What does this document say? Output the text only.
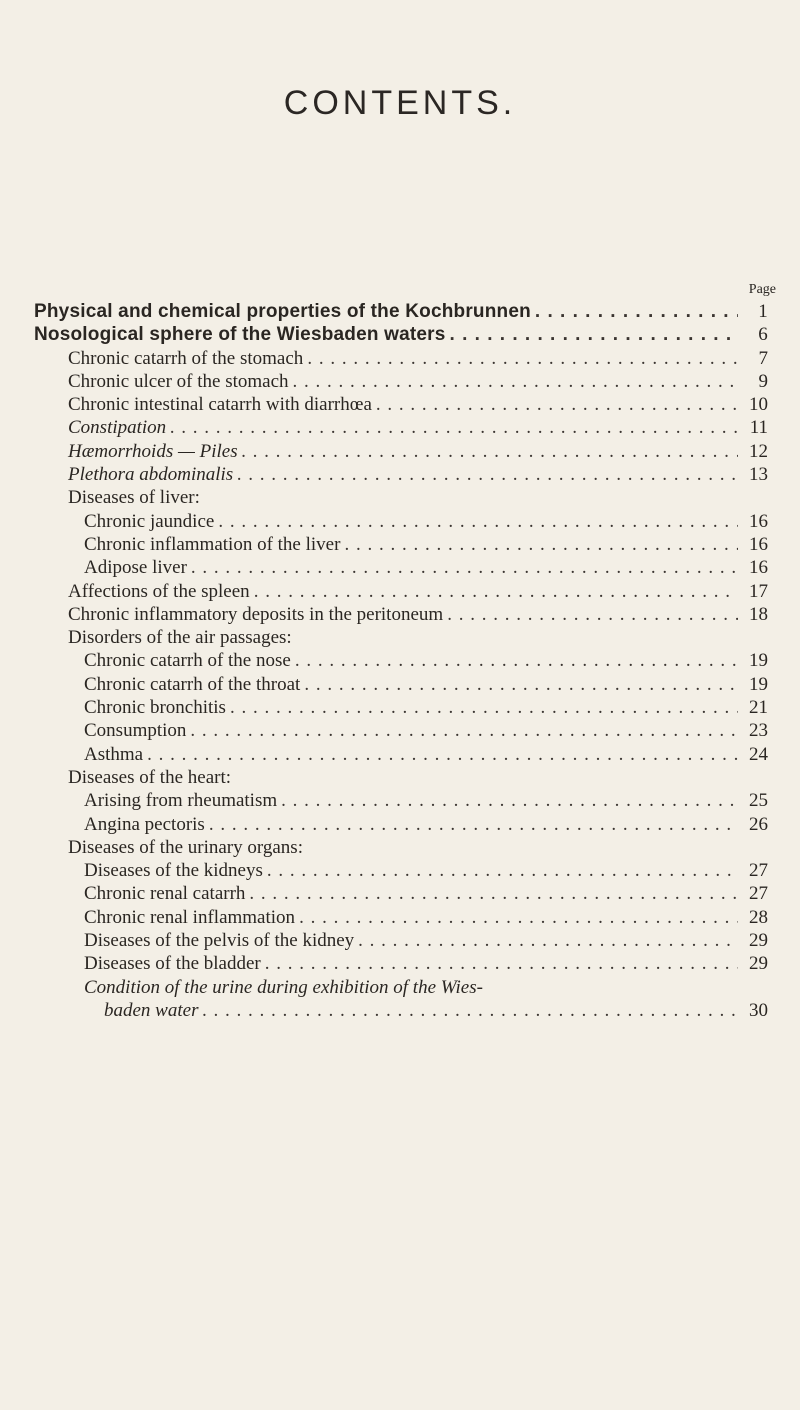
CONTENTS.
Page
Physical and chemical properties of the Kochbrunnen . . .	1
Nosological sphere of the Wiesbaden waters . . .	6
Chronic catarrh of the stomach . . .	7
Chronic ulcer of the stomach . . .	9
Chronic intestinal catarrh with diarrhœa . . .	10
Constipation . . .	11
Hæmorrhoids — Piles . . .	12
Plethora abdominalis . . .	13
Diseases of liver:
Chronic jaundice . . .	16
Chronic inflammation of the liver . . .	16
Adipose liver . . .	16
Affections of the spleen . . .	17
Chronic inflammatory deposits in the peritoneum . . .	18
Disorders of the air passages:
Chronic catarrh of the nose . . .	19
Chronic catarrh of the throat . . .	19
Chronic bronchitis . . .	21
Consumption . . .	23
Asthma . . .	24
Diseases of the heart:
Arising from rheumatism . . .	25
Angina pectoris . . .	26
Diseases of the urinary organs:
Diseases of the kidneys . . .	27
Chronic renal catarrh . . .	27
Chronic renal inflammation . . .	28
Diseases of the pelvis of the kidney . . .	29
Diseases of the bladder . . .	29
Condition of the urine during exhibition of the Wies-
baden water . . .	30
